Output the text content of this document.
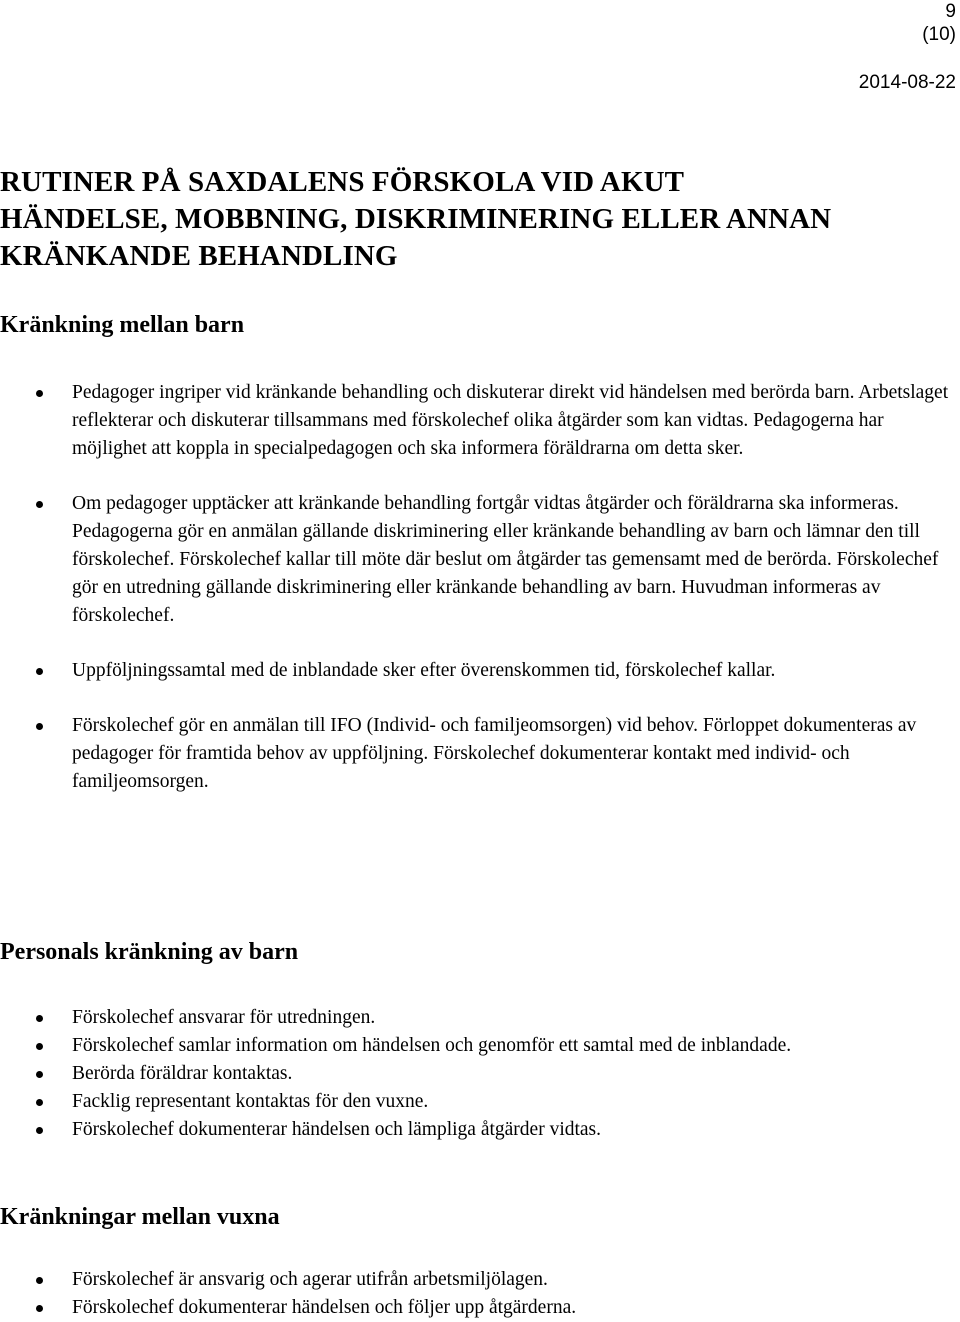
9
(10)
2014-08-22
RUTINER PÅ SAXDALENS FÖRSKOLA VID AKUT
HÄNDELSE, MOBBNING, DISKRIMINERING ELLER ANNAN
KRÄNKANDE BEHANDLING
Kränkning mellan barn
Pedagoger ingriper vid kränkande behandling och diskuterar direkt vid händelsen med berörda barn. Arbetslaget reflekterar och diskuterar tillsammans med förskolechef olika åtgärder som kan vidtas. Pedagogerna har möjlighet att koppla in specialpedagogen och ska informera föräldrarna om detta sker.
Om pedagoger upptäcker att kränkande behandling fortgår vidtas åtgärder och föräldrarna ska informeras. Pedagogerna gör en anmälan gällande diskriminering eller kränkande behandling av barn och lämnar den till förskolechef. Förskolechef kallar till möte där beslut om åtgärder tas gemensamt med de berörda. Förskolechef gör en utredning gällande diskriminering eller kränkande behandling av barn. Huvudman informeras av förskolechef.
Uppföljningssamtal med de inblandade sker efter överenskommen tid, förskolechef kallar.
Förskolechef gör en anmälan till IFO (Individ- och familjeomsorgen) vid behov. Förloppet dokumenteras av pedagoger för framtida behov av uppföljning. Förskolechef dokumenterar kontakt med individ- och familjeomsorgen.
Personals kränkning av barn
Förskolechef ansvarar för utredningen.
Förskolechef samlar information om händelsen och genomför ett samtal med de inblandade.
Berörda föräldrar kontaktas.
Facklig representant kontaktas för den vuxne.
Förskolechef dokumenterar händelsen och lämpliga åtgärder vidtas.
Kränkningar mellan vuxna
Förskolechef är ansvarig och agerar utifrån arbetsmiljölagen.
Förskolechef dokumenterar händelsen och följer upp åtgärderna.
